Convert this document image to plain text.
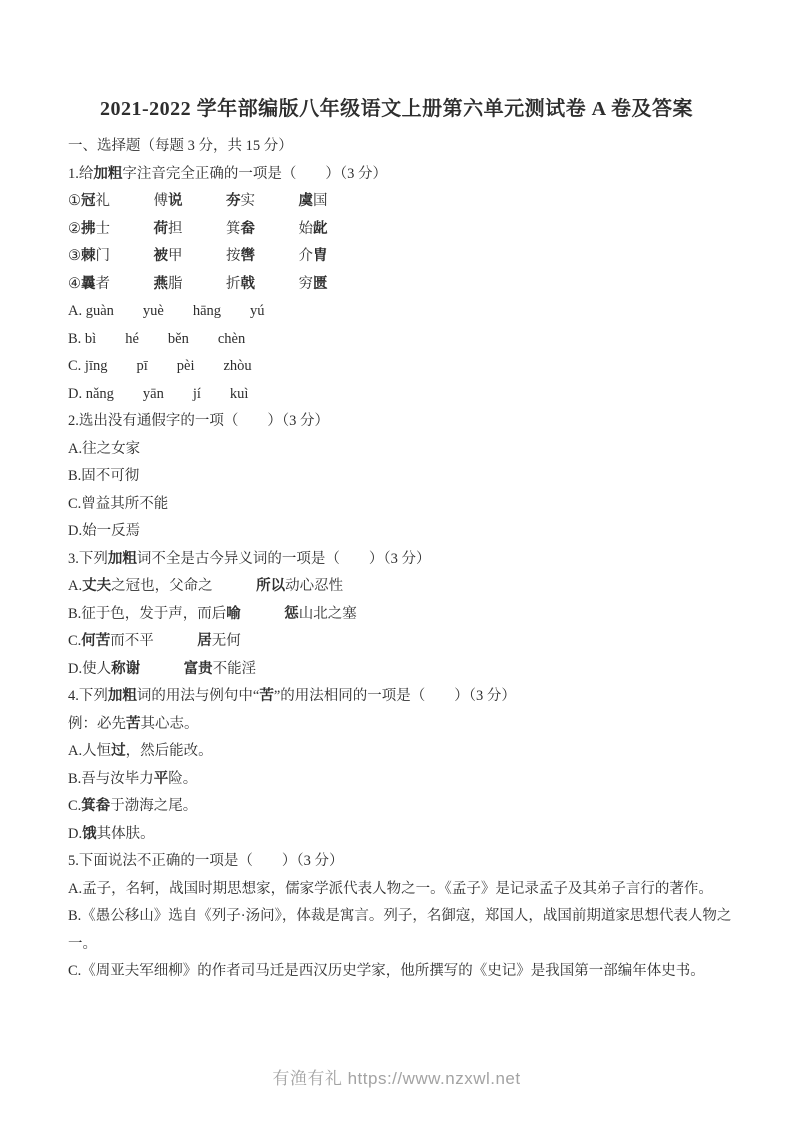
2021-2022 学年部编版八年级语文上册第六单元测试卷 A 卷及答案
一、选择题（每题 3 分，共 15 分）
1.给加粗字注音完全正确的一项是（　　）（3 分）
①冠礼　　　傅说　　　	夯实　　　虞国
②拂士　　　荷担　　　箕畚　　　始龀
③棘门　　　被甲　　　按辔　　　介胄
④曩者　　　燕脂　　　折戟　　　穷匮
A. guàn　　yuè　　hāng　　yú
B. bì　　hé　　běn　　chèn
C. jīng　　pī　　pèi　　zhòu
D. nǎng　　yān　　jí　　kuì
2.选出没有通假字的一项（　　）（3 分）
A.往之女家
B.固不可彻
C.曾益其所不能
D.始一反焉
3.下列加粗词不全是古今异义词的一项是（　　）（3 分）
A.丈夫之冠也，父命之　　　所以动心忍性
B.征于色，发于声，而后喻　　　	惩山北之塞
C.何苦而不平　　　居无何
D.使人称谢　　　	富贵不能淫
4.下列加粗词的用法与例句中“苦”的用法相同的一项是（　　）（3 分）
例：必先苦其心志。
A.人恒过，然后能改。
B.吾与汝毕力平险。
C.箕畚于渤海之尾。
D.饿其体肤。
5.下面说法不正确的一项是（　　）（3 分）
A.孟子，名轲，战国时期思想家，儒家学派代表人物之一。《孟子》是记录孟子及其弟子言行的著作。
B.《愚公移山》选自《列子·汤问》，体裁是寓言。列子，名御寇，郑国人，战国前期道家思想代表人物之一。
C.《周亚夫军细柳》的作者司马迁是西汉历史学家，他所撰写的《史记》是我国第一部编年体史书。
有渔有礼 https://www.nzxwl.net
